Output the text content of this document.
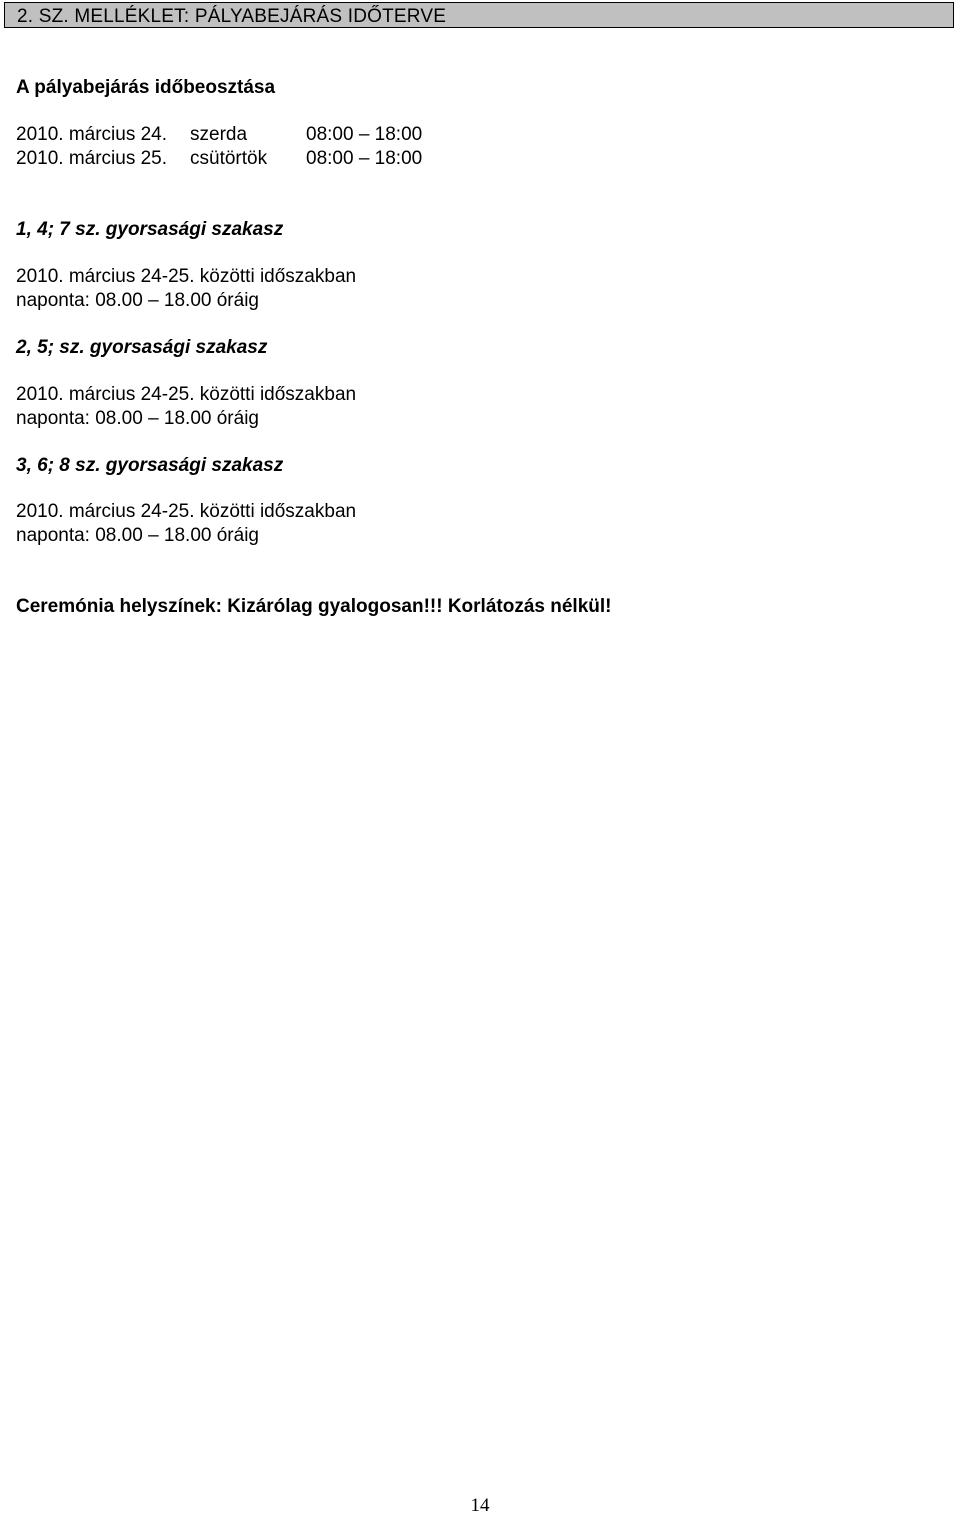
2. SZ. MELLÉKLET: PÁLYABEJÁRÁS IDŐTERVE
A pályabejárás időbeosztása
2010. március 24. szerda	08:00 – 18:00
2010. március 25. csütörtök 08:00 – 18:00
1, 4; 7 sz. gyorsasági szakasz
2010. március 24-25. közötti időszakban
naponta: 08.00 – 18.00 óráig
2, 5; sz. gyorsasági szakasz
2010. március 24-25. közötti időszakban
naponta: 08.00 – 18.00 óráig
3, 6; 8 sz. gyorsasági szakasz
2010. március 24-25. közötti időszakban
naponta: 08.00 – 18.00 óráig
Ceremónia helyszínek: Kizárólag gyalogosan!!! Korlátozás nélkül!
14
